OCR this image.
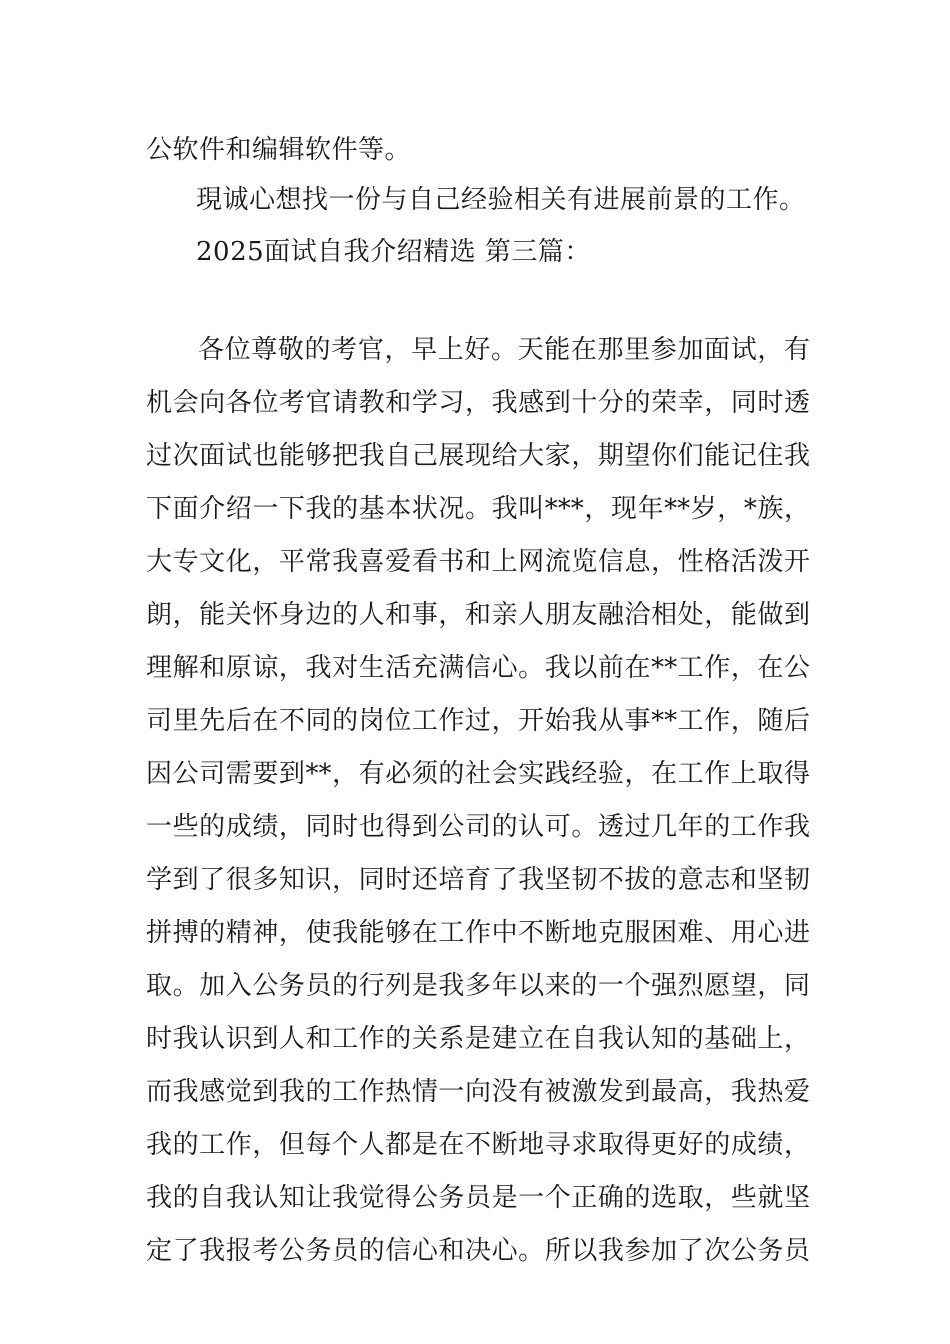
公软件和编辑软件等。
現诚心想找一份与自己经验相关有进展前景的工作。
2025面试自我介绍精选 第三篇：
各位尊敬的考官，早上好。天能在那里参加面试，有
机会向各位考官请教和学习，我感到十分的荣幸，同时透
过次面试也能够把我自己展现给大家，期望你们能记住我
下面介绍一下我的基本状况。我叫***，现年**岁，*族，
大专文化，平常我喜爱看书和上网流览信息，性格活泼开
朗，能关怀身边的人和事，和亲人朋友融洽相处，能做到
理解和原谅，我对生活充满信心。我以前在**工作，在公
司里先后在不同的岗位工作过，开始我从事**工作，随后
因公司需要到**，有必须的社会实践经验，在工作上取得
一些的成绩，同时也得到公司的认可。透过几年的工作我
学到了很多知识，同时还培育了我坚韧不拔的意志和坚韧
拼搏的精神，使我能够在工作中不断地克服困难、用心进
取。加入公务员的行列是我多年以来的一个强烈愿望，同
时我认识到人和工作的关系是建立在自我认知的基础上，
而我感觉到我的工作热情一向没有被激发到最高，我热爱
我的工作，但每个人都是在不断地寻求取得更好的成绩，
我的自我认知让我觉得公务员是一个正确的选取，些就坚
定了我报考公务员的信心和决心。所以我参加了次公务员
